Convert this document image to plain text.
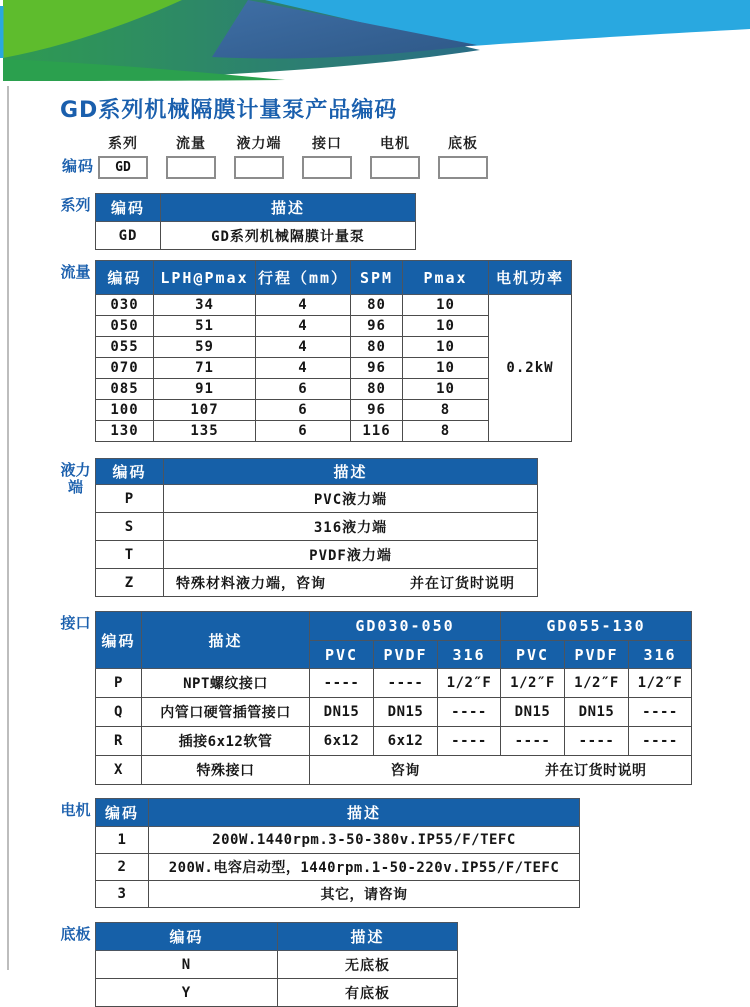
GD系列机械隔膜计量泵产品编码
编码
系列
GD
流量	液力端	接口	电机	底板
系列 编码	描述
GD	GD系列机械隔膜计量泵
流量 编码	LPH@Pmax	行程（mm）	SPM	Pmax	电机功率
030	34	4	80	10	0.2kW
050	51	4	96	10	
055	59	4	80	10	
070	71	4	96	10	
085	91	6	80	10	
100	107	6	96	8	
130	135	6	116	8	
液力
端
编码	描述
P	PVC液力端
S	316液力端
T	PVDF液力端
Z	特殊材料液力端，咨询 并在订货时说明
接口
编码	描述	GD030-050			GD055-130		
		PVC	PVDF	316	PVC	PVDF	316
P	NPT螺纹接口	----	----	1/2″F	1/2″F	1/2″F	1/2″F
Q	内管口硬管插管接口	DN15	DN15	----	DN15	DN15	----
R	插接6x12软管	6x12	6x12	----	----	----	----
X	特殊接口	咨询 并在订货时说明					
电机 编码	描述
1	200W.1440rpm.3-50-380v.IP55/F/TEFC
2	200W.电容启动型，1440rpm.1-50-220v.IP55/F/TEFC
3	其它，请咨询
底板	编码	描述
N	无底板
Y	有底板
